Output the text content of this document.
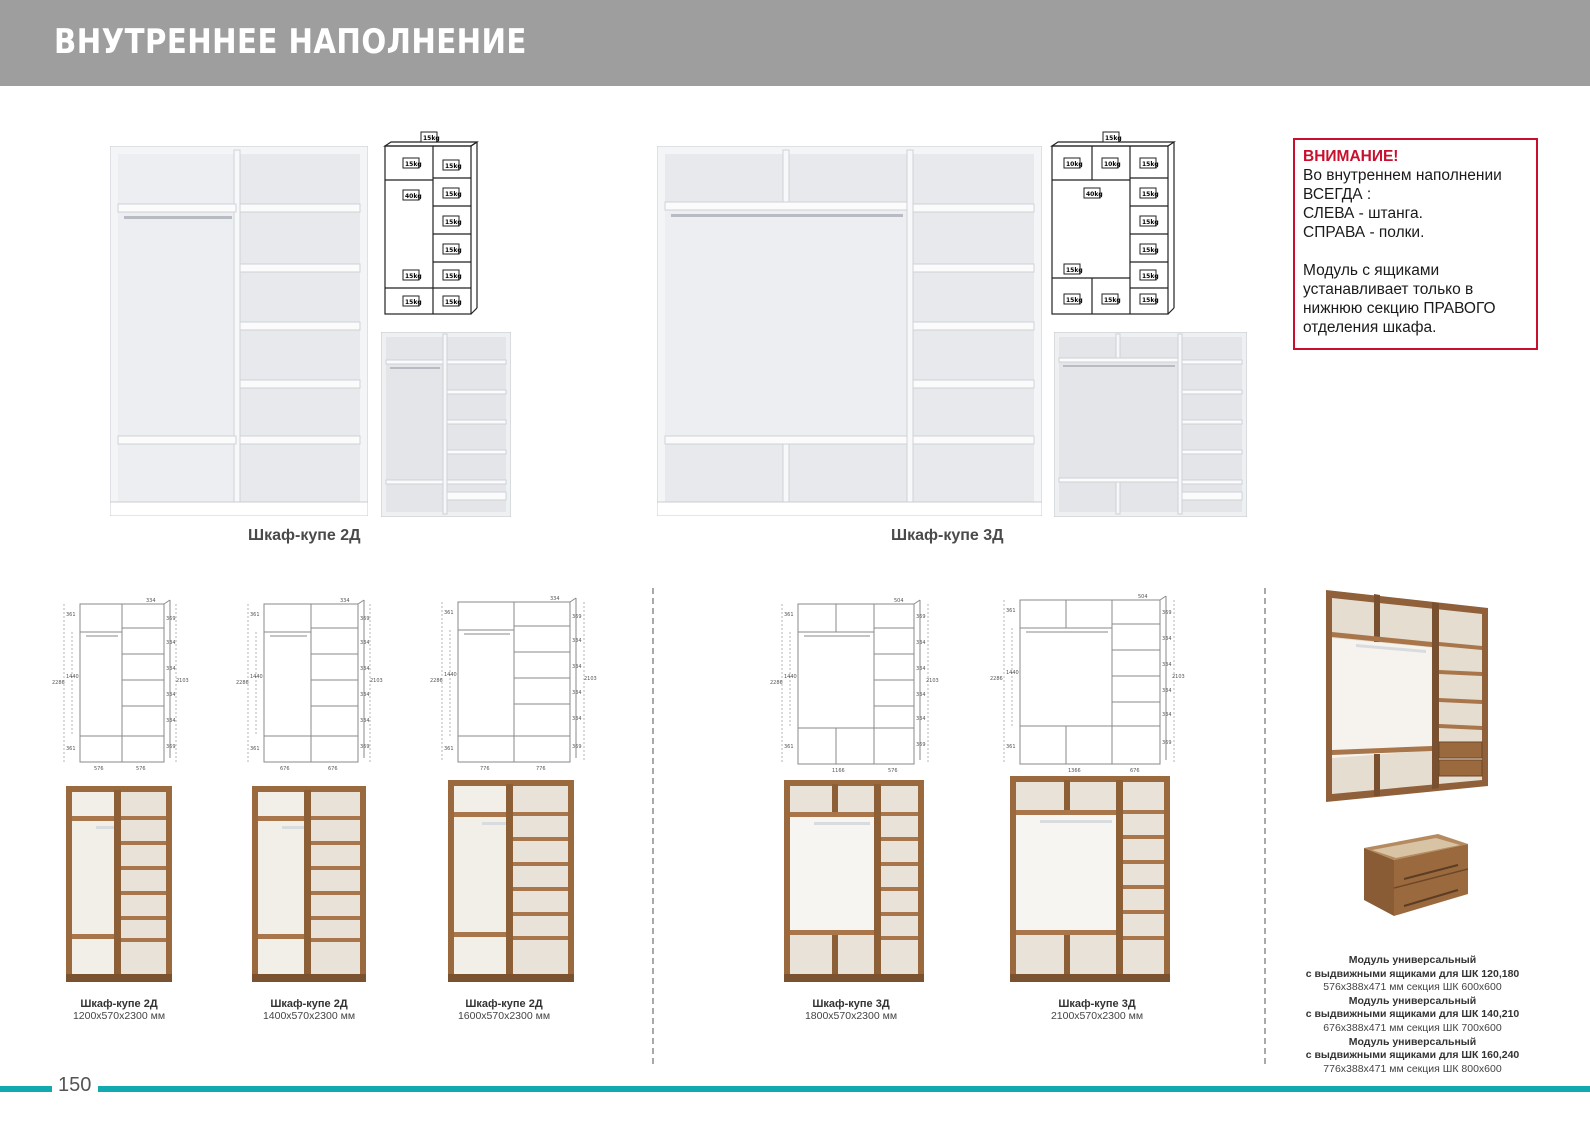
ВНУТРЕННЕЕ НАПОЛНЕНИЕ
15kg
15kg	15kg
40kg	15kg
15kg
15kg
15kg	15kg
15kg	15kg
Шкаф-купе 2Д
15kg
10kg	10kg	15kg
40kg	15kg
15kg
15kg
15kg
15kg
15kg	15kg	15kg
Шкаф-купе 3Д
ВНИМАНИЕ!
Во внутреннем наполнении
ВСЕГДА :
СЛЕВА - штанга.
СПРАВА - полки.
Модуль с ящиками
устанавливает только в
нижнюю секцию ПРАВОГО
отделения шкафа.
361
1440
2286	2103
369
334
334
334
334
369
361
334
576	576
361
1440
2286	2103
369
334
334
334
334
369
361
334
676	676
361
1440
2286	2103
369
334
334
334
334
369
361
334
776	776
361
1440
2286	2103
504
369
334
334
334
334
369
361
1166	576
361
1440
2286	2103
504
369
334
334
334
334
369
361
1366	676
Шкаф-купе 2Д
1200х570х2300 мм
Шкаф-купе 2Д
1400х570х2300 мм
Шкаф-купе 2Д
1600х570х2300 мм
Шкаф-купе 3Д
1800х570х2300 мм
Шкаф-купе 3Д
2100х570х2300 мм
Модуль универсальный
с выдвижными ящиками для ШК 120,180
576х388х471 мм секция ШК 600х600
Модуль универсальный
с выдвижными ящиками для ШК 140,210
676х388х471 мм секция ШК 700х600
Модуль универсальный
с выдвижными ящиками для ШК 160,240
776х388х471 мм секция ШК 800х600
150
